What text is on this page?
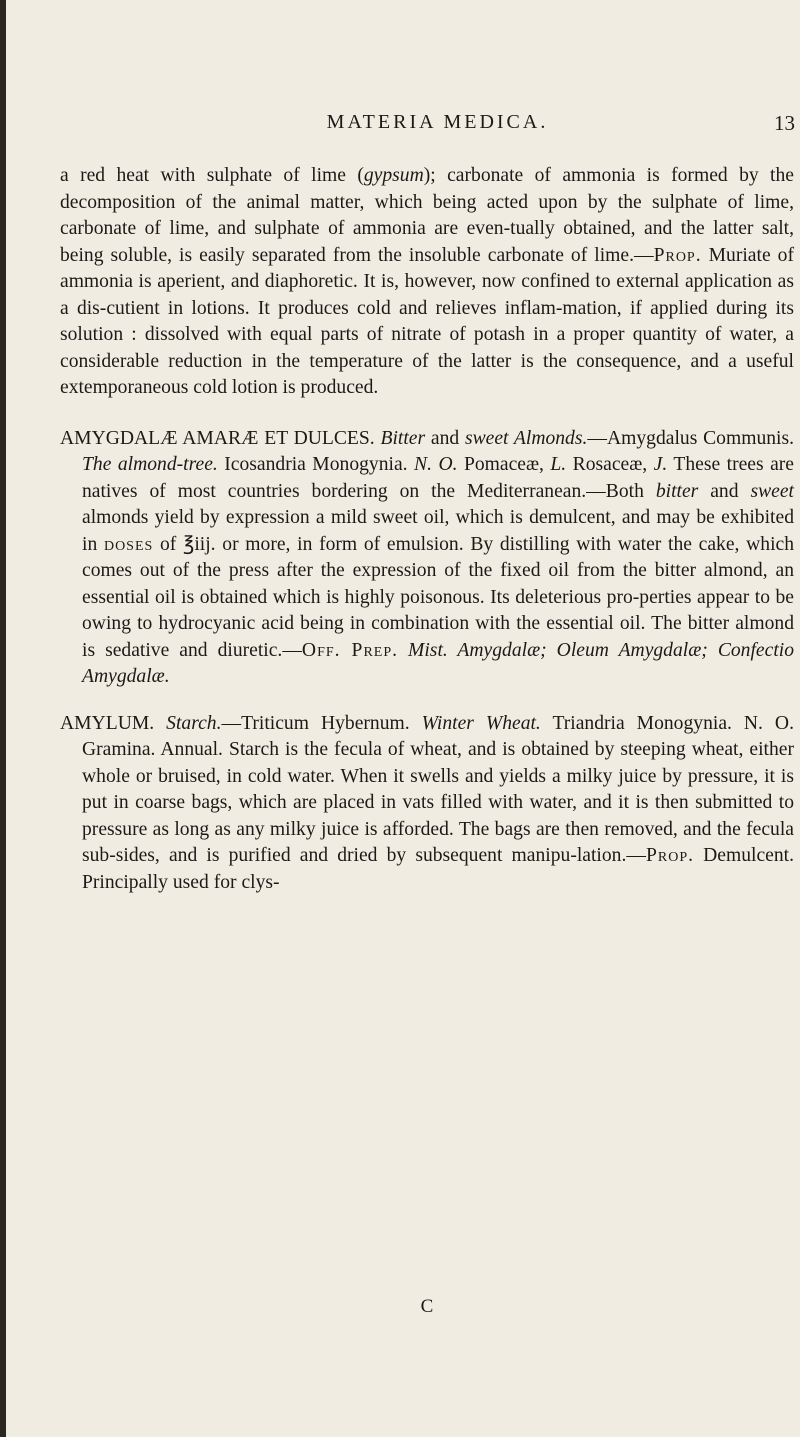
MATERIA MEDICA.	13

a red heat with sulphate of lime (gypsum); carbonate of ammonia is formed by the decomposition of the animal matter, which being acted upon by the sulphate of lime, carbonate of lime, and sulphate of ammonia are even-tually obtained, and the latter salt, being soluble, is easily separated from the insoluble carbonate of lime.—Prop. Muriate of ammonia is aperient, and diaphoretic. It is, however, now confined to external application as a dis-cutient in lotions. It produces cold and relieves inflam-mation, if applied during its solution : dissolved with equal parts of nitrate of potash in a proper quantity of water, a considerable reduction in the temperature of the latter is the consequence, and a useful extemporaneous cold lotion is produced.

AMYGDALÆ AMARÆ ET DULCES. Bitter and sweet Almonds.—Amygdalus Communis. The almond-tree. Icosandria Monogynia. N. O. Pomaceæ, L. Rosaceæ, J. These trees are natives of most countries bordering on the Mediterranean.—Both bitter and sweet almonds yield by expression a mild sweet oil, which is demulcent, and may be exhibited in doses of ℥iij. or more, in form of emulsion. By distilling with water the cake, which comes out of the press after the expression of the fixed oil from the bitter almond, an essential oil is obtained which is highly poisonous. Its deleterious pro-perties appear to be owing to hydrocyanic acid being in combination with the essential oil. The bitter almond is sedative and diuretic.—Off. Prep. Mist. Amygdalæ; Oleum Amygdalæ; Confectio Amygdalæ.

AMYLUM. Starch.—Triticum Hybernum. Winter Wheat. Triandria Monogynia. N. O. Gramina. Annual. Starch is the fecula of wheat, and is obtained by steeping wheat, either whole or bruised, in cold water. When it swells and yields a milky juice by pressure, it is put in coarse bags, which are placed in vats filled with water, and it is then submitted to pressure as long as any milky juice is afforded. The bags are then removed, and the fecula sub-sides, and is purified and dried by subsequent manipu-lation.—Prop. Demulcent. Principally used for clys-

C
